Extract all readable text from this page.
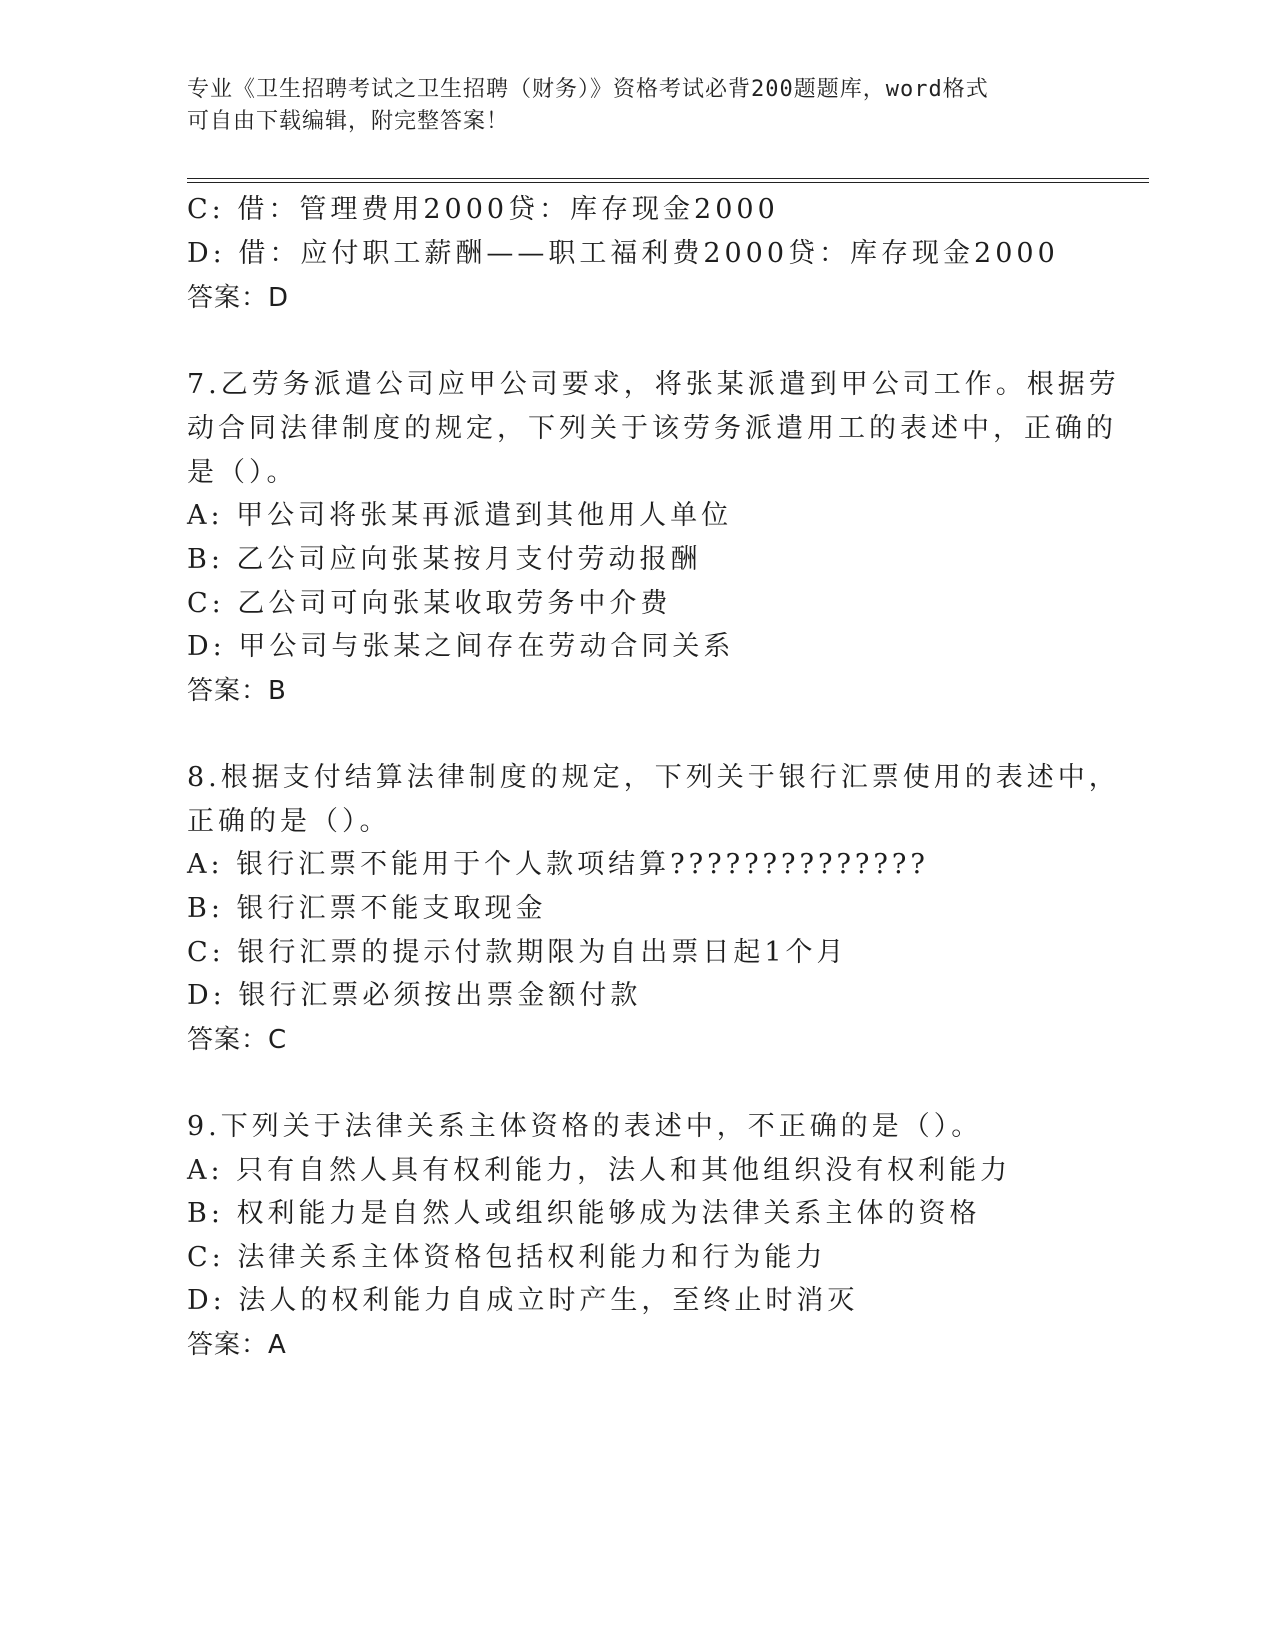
专业《卫生招聘考试之卫生招聘（财务）》资格考试必背200题题库，word格式
可自由下载编辑，附完整答案！
C: 借：管理费用2000贷：库存现金2000
D: 借：应付职工薪酬——职工福利费2000贷：库存现金2000
答案：D
7.乙劳务派遣公司应甲公司要求，将张某派遣到甲公司工作。根据劳
动合同法律制度的规定，下列关于该劳务派遣用工的表述中，正确的
是（）。
A: 甲公司将张某再派遣到其他用人单位
B: 乙公司应向张某按月支付劳动报酬
C: 乙公司可向张某收取劳务中介费
D: 甲公司与张某之间存在劳动合同关系
答案：B
8.根据支付结算法律制度的规定，下列关于银行汇票使用的表述中，
正确的是（）。
A: 银行汇票不能用于个人款项结算??????????????
B: 银行汇票不能支取现金
C: 银行汇票的提示付款期限为自出票日起1个月
D: 银行汇票必须按出票金额付款
答案：C
9.下列关于法律关系主体资格的表述中，不正确的是（）。
A: 只有自然人具有权利能力，法人和其他组织没有权利能力
B: 权利能力是自然人或组织能够成为法律关系主体的资格
C: 法律关系主体资格包括权利能力和行为能力
D: 法人的权利能力自成立时产生，至终止时消灭
答案：A
